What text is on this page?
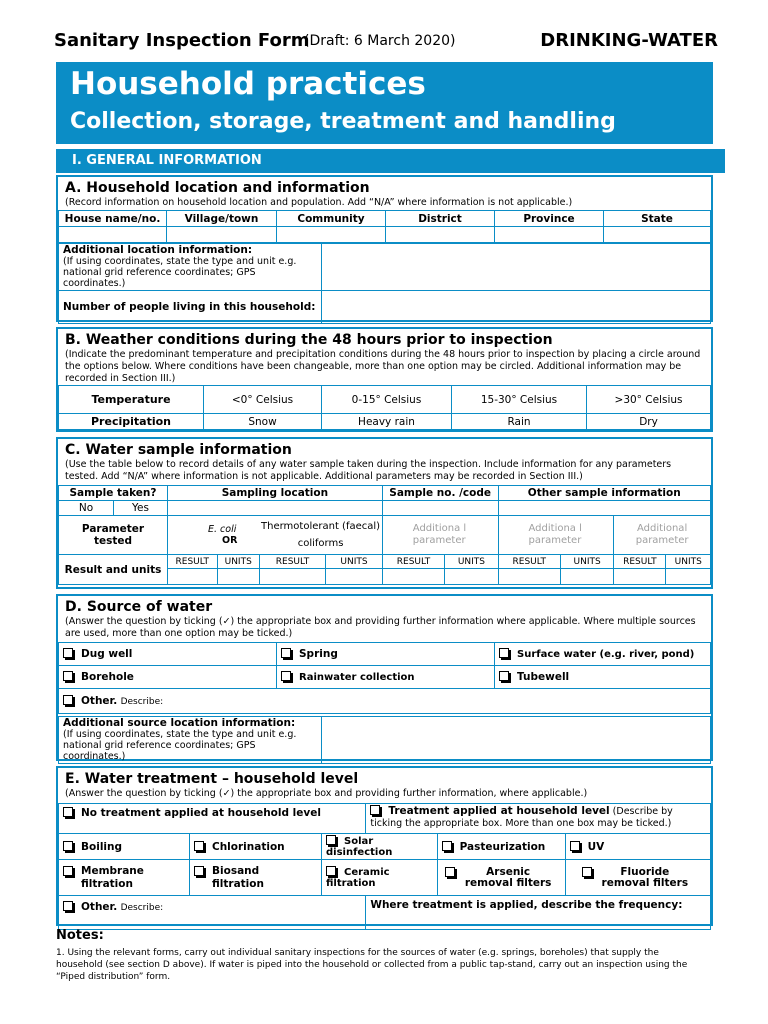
Sanitary Inspection Form
(Draft: 6 March 2020)	DRINKING-WATER
Household practices
Collection, storage, treatment and handling
I. GENERAL INFORMATION
A. Household location and information
(Record information on household location and population. Add “N/A” where information is not applicable.)
House name/no.	Village/town	Community	District	Province	State

Additional location information:
(If using coordinates, state the type and unit e.g. national grid reference coordinates; GPS coordinates.)	

Number of people living in this household:	
B. Weather conditions during the 48 hours prior to inspection
(Indicate the predominant temperature and precipitation conditions during the 48 hours prior to inspection by placing a circle around the options below. Where conditions have been changeable, more than one option may be circled. Additional information may be recorded in Section III.)
Temperature	<0° Celsius	0-15° Celsius	15-30° Celsius	>30° Celsius
Precipitation	Snow	Heavy rain	Rain	Dry
C. Water sample information
(Use the table below to record details of any water sample taken during the inspection. Include information for any parameters tested. Add “N/A” where information is not applicable. Additional parameters may be recorded in Section III.)
Sample taken?		Sampling location				Sample no. /code		Other sample information			
No	Yes										
Parameter tested		E. coli OR		Thermotolerant (faecal) coliforms		Additiona l parameter		Additiona l parameter		Additional parameter	
Result and units		RESULT	UNITS	RESULT	UNITS	RESULT	UNITS	RESULT	UNITS	RESULT	UNITS

D. Source of water
(Answer the question by ticking (✓) the appropriate box and providing further information where applicable. Where multiple sources are used, more than one option may be ticked.)
Dug well	Spring	Surface water (e.g. river, pond)
Borehole	Rainwater collection	Tubewell
Other. Describe:		
Additional source location information:
(If using coordinates, state the type and unit e.g. national grid reference coordinates; GPS coordinates.)

E. Water treatment – household level
(Answer the question by ticking (✓) the appropriate box and providing further information, where applicable.)
No treatment applied at household level			Treatment applied at household level (Describe by ticking the appropriate box. More than one box may be ticked.)		
Boiling	Chlorination	Solar disinfection		Pasteurization	UV
Membrane filtration	Biosand filtration	Ceramic filtration		Arsenic removal filters	Fluoride removal filters
Other. Describe:			Where treatment is applied, describe the frequency:		
Notes:
1. Using the relevant forms, carry out individual sanitary inspections for the sources of water (e.g. springs, boreholes) that supply the household (see section D above). If water is piped into the household or collected from a public tap-stand, carry out an inspection using the “Piped distribution” form.
